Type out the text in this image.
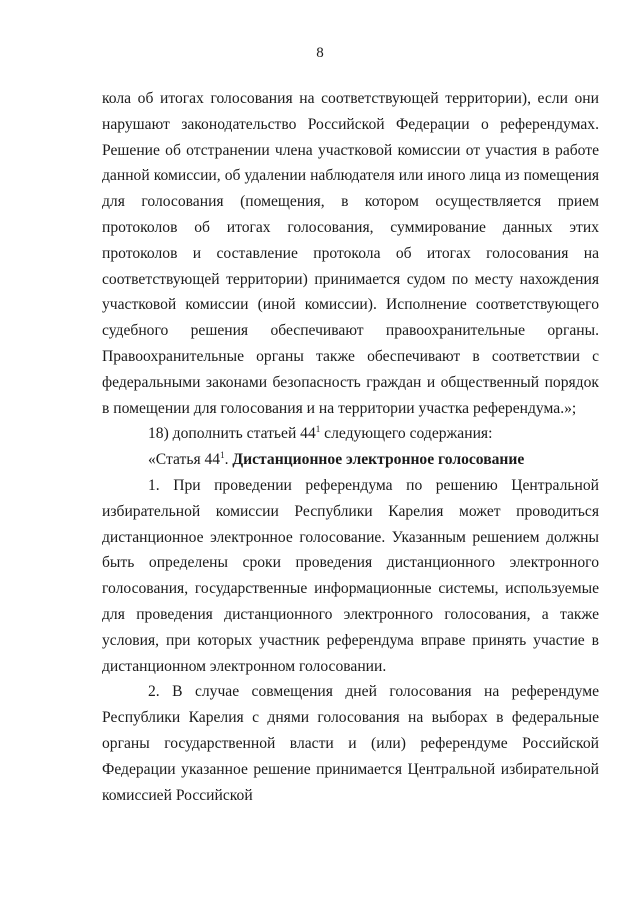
8

кола об итогах голосования на соответствующей территории), если они нарушают законодательство Российской Федерации о референдумах. Решение об отстранении члена участковой комиссии от участия в работе данной комиссии, об удалении наблюдателя или иного лица из помещения для голосования (помещения, в котором осуществляется прием протоколов об итогах голосования, суммирование данных этих протоколов и составление протокола об итогах голосования на соответствующей территории) принимается судом по месту нахождения участковой комиссии (иной комиссии). Исполнение соответствующего судебного решения обеспечивают правоохранительные органы. Правоохранительные органы также обеспечивают в соответствии с федеральными законами безопасность граждан и общественный порядок в помещении для голосования и на территории участка референдума.»;

18) дополнить статьей $44^1$ следующего содержания:

«Статья $44^1$. Дистанционное электронное голосование

1. При проведении референдума по решению Центральной избирательной комиссии Республики Карелия может проводиться дистанционное электронное голосование. Указанным решением должны быть определены сроки проведения дистанционного электронного голосования, государственные информационные системы, используемые для проведения дистанционного электронного голосования, а также условия, при которых участник референдума вправе принять участие в дистанционном электронном голосовании.

2. В случае совмещения дней голосования на референдуме Республики Карелия с днями голосования на выборах в федеральные органы государственной власти и (или) референдуме Российской Федерации указанное решение принимается Центральной избирательной комиссией Российской
